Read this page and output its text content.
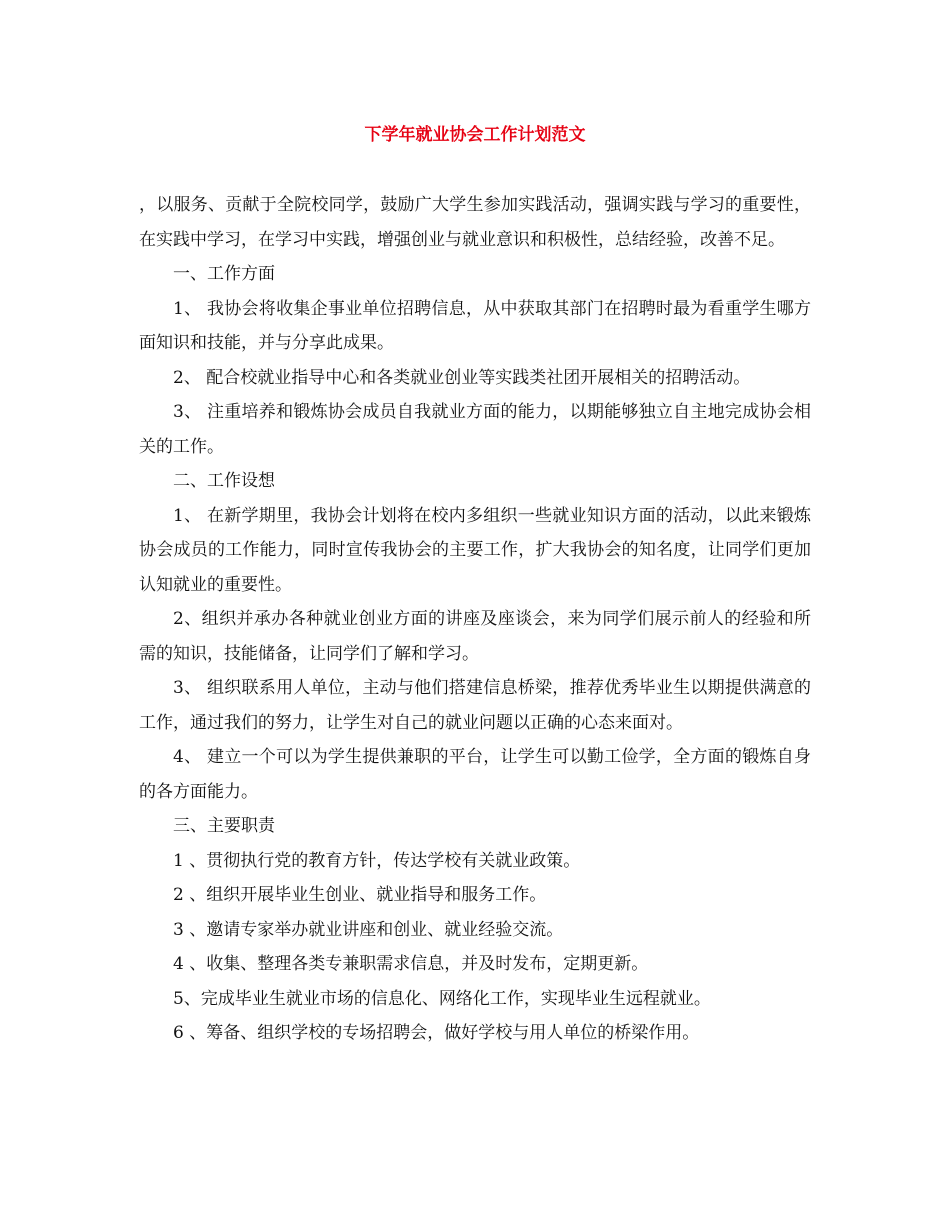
下学年就业协会工作计划范文

，以服务、贡献于全院校同学，鼓励广大学生参加实践活动，强调实践与学习的重要性，在实践中学习，在学习中实践，增强创业与就业意识和积极性，总结经验，改善不足。

一、工作方面

1、 我协会将收集企事业单位招聘信息，从中获取其部门在招聘时最为看重学生哪方面知识和技能，并与分享此成果。

2、 配合校就业指导中心和各类就业创业等实践类社团开展相关的招聘活动。

3、 注重培养和锻炼协会成员自我就业方面的能力，以期能够独立自主地完成协会相关的工作。

二、工作设想

1、 在新学期里，我协会计划将在校内多组织一些就业知识方面的活动，以此来锻炼协会成员的工作能力，同时宣传我协会的主要工作，扩大我协会的知名度，让同学们更加认知就业的重要性。

2、组织并承办各种就业创业方面的讲座及座谈会，来为同学们展示前人的经验和所需的知识，技能储备，让同学们了解和学习。

3、 组织联系用人单位，主动与他们搭建信息桥梁，推荐优秀毕业生以期提供满意的工作，通过我们的努力，让学生对自己的就业问题以正确的心态来面对。

4、 建立一个可以为学生提供兼职的平台，让学生可以勤工俭学，全方面的锻炼自身的各方面能力。

三、主要职责

1 、贯彻执行党的教育方针，传达学校有关就业政策。

2 、组织开展毕业生创业、就业指导和服务工作。

3 、邀请专家举办就业讲座和创业、就业经验交流。

4 、收集、整理各类专兼职需求信息，并及时发布，定期更新。

5、完成毕业生就业市场的信息化、网络化工作，实现毕业生远程就业。

6 、筹备、组织学校的专场招聘会，做好学校与用人单位的桥梁作用。
